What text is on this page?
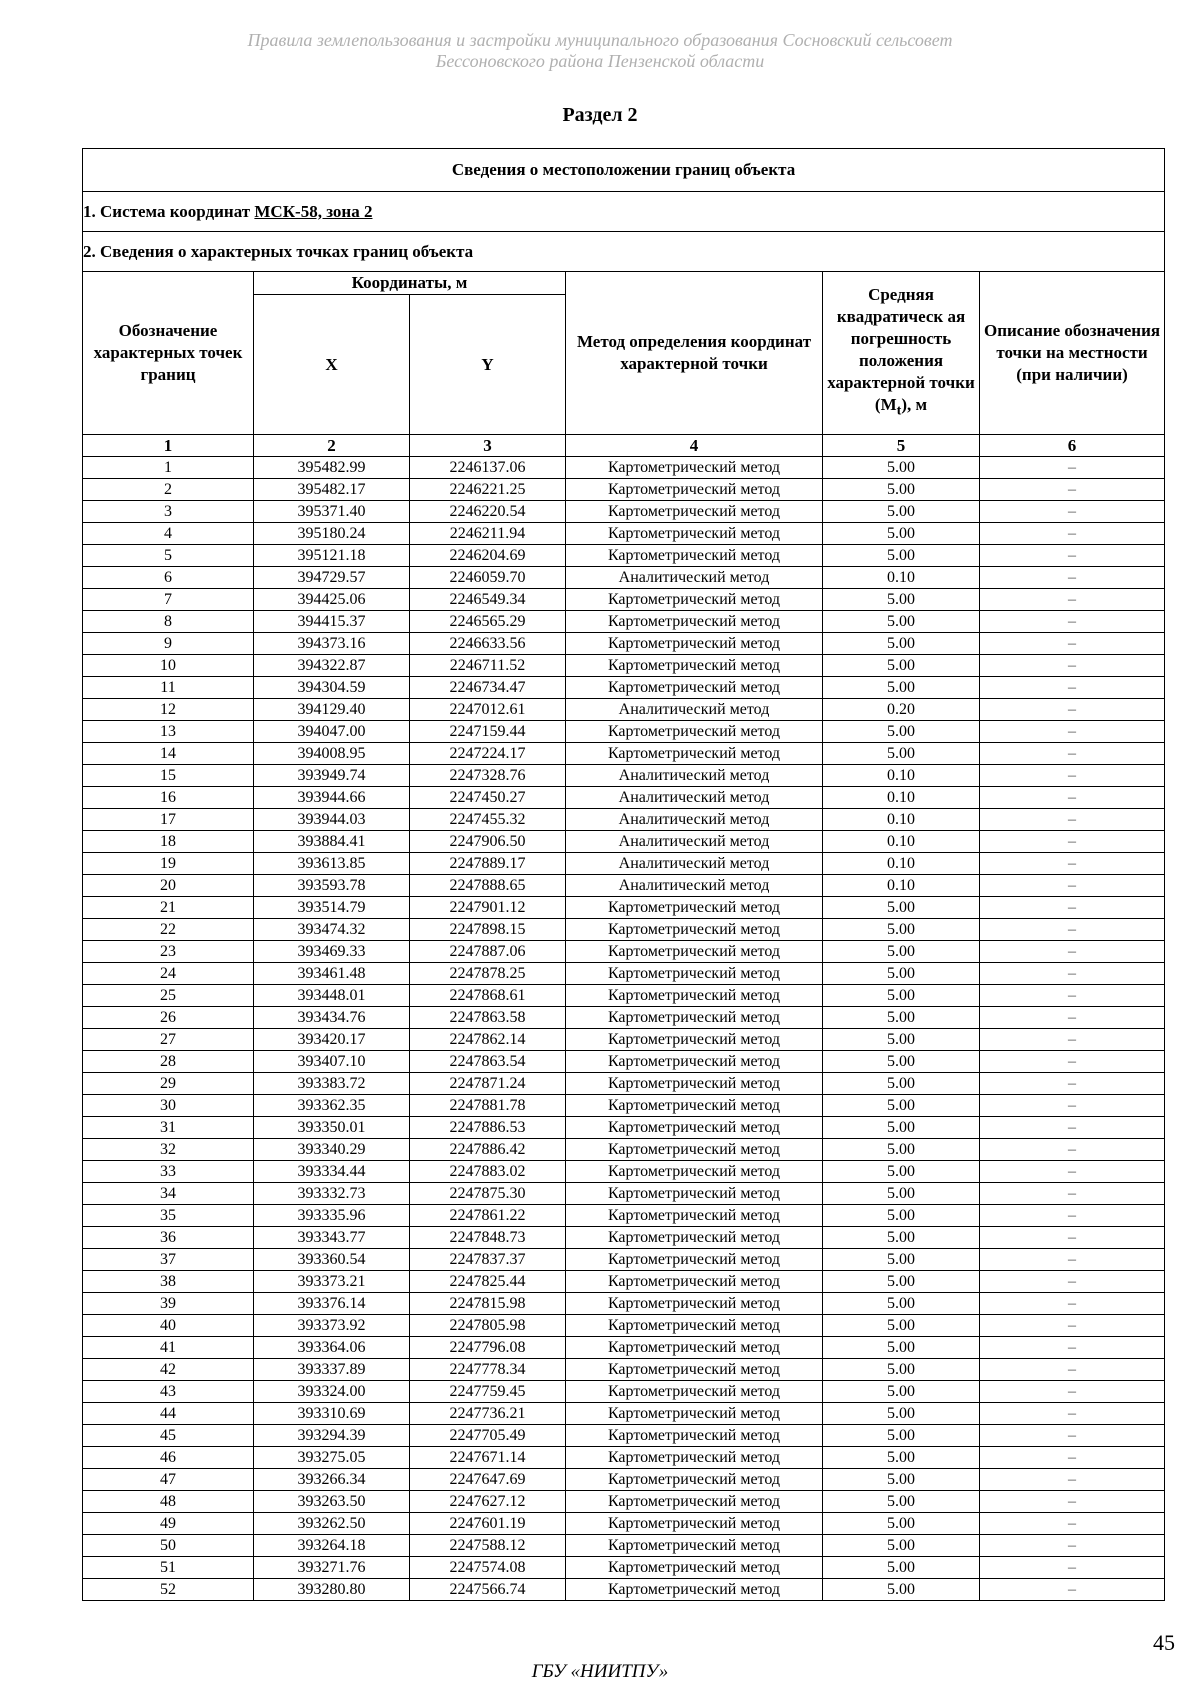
Правила землепользования и застройки муниципального образования Сосновский сельсовет
Бессоновского района Пензенской области
Раздел 2
Сведения о местоположении границ объекта					
1. Система координат МСК-58, зона 2					
2. Сведения о характерных точках границ объекта					
Обозначение характерных точек границ	Координаты, м		Метод определения координат характерной точки	Средняя квадратическ ая погрешность положения характерной точки $(М_t)$, м	Описание обозначения точки на местности (при наличии)
	X	Y			
1	2	3	4	5	6
1	395482.99	2246137.06	Картометрический метод	5.00	–
2	395482.17	2246221.25	Картометрический метод	5.00	–
3	395371.40	2246220.54	Картометрический метод	5.00	–
4	395180.24	2246211.94	Картометрический метод	5.00	–
5	395121.18	2246204.69	Картометрический метод	5.00	–
6	394729.57	2246059.70	Аналитический метод	0.10	–
7	394425.06	2246549.34	Картометрический метод	5.00	–
8	394415.37	2246565.29	Картометрический метод	5.00	–
9	394373.16	2246633.56	Картометрический метод	5.00	–
10	394322.87	2246711.52	Картометрический метод	5.00	–
11	394304.59	2246734.47	Картометрический метод	5.00	–
12	394129.40	2247012.61	Аналитический метод	0.20	–
13	394047.00	2247159.44	Картометрический метод	5.00	–
14	394008.95	2247224.17	Картометрический метод	5.00	–
15	393949.74	2247328.76	Аналитический метод	0.10	–
16	393944.66	2247450.27	Аналитический метод	0.10	–
17	393944.03	2247455.32	Аналитический метод	0.10	–
18	393884.41	2247906.50	Аналитический метод	0.10	–
19	393613.85	2247889.17	Аналитический метод	0.10	–
20	393593.78	2247888.65	Аналитический метод	0.10	–
21	393514.79	2247901.12	Картометрический метод	5.00	–
22	393474.32	2247898.15	Картометрический метод	5.00	–
23	393469.33	2247887.06	Картометрический метод	5.00	–
24	393461.48	2247878.25	Картометрический метод	5.00	–
25	393448.01	2247868.61	Картометрический метод	5.00	–
26	393434.76	2247863.58	Картометрический метод	5.00	–
27	393420.17	2247862.14	Картометрический метод	5.00	–
28	393407.10	2247863.54	Картометрический метод	5.00	–
29	393383.72	2247871.24	Картометрический метод	5.00	–
30	393362.35	2247881.78	Картометрический метод	5.00	–
31	393350.01	2247886.53	Картометрический метод	5.00	–
32	393340.29	2247886.42	Картометрический метод	5.00	–
33	393334.44	2247883.02	Картометрический метод	5.00	–
34	393332.73	2247875.30	Картометрический метод	5.00	–
35	393335.96	2247861.22	Картометрический метод	5.00	–
36	393343.77	2247848.73	Картометрический метод	5.00	–
37	393360.54	2247837.37	Картометрический метод	5.00	–
38	393373.21	2247825.44	Картометрический метод	5.00	–
39	393376.14	2247815.98	Картометрический метод	5.00	–
40	393373.92	2247805.98	Картометрический метод	5.00	–
41	393364.06	2247796.08	Картометрический метод	5.00	–
42	393337.89	2247778.34	Картометрический метод	5.00	–
43	393324.00	2247759.45	Картометрический метод	5.00	–
44	393310.69	2247736.21	Картометрический метод	5.00	–
45	393294.39	2247705.49	Картометрический метод	5.00	–
46	393275.05	2247671.14	Картометрический метод	5.00	–
47	393266.34	2247647.69	Картометрический метод	5.00	–
48	393263.50	2247627.12	Картометрический метод	5.00	–
49	393262.50	2247601.19	Картометрический метод	5.00	–
50	393264.18	2247588.12	Картометрический метод	5.00	–
51	393271.76	2247574.08	Картометрический метод	5.00	–
52	393280.80	2247566.74	Картометрический метод	5.00	–
45
ГБУ «НИИТПУ»
